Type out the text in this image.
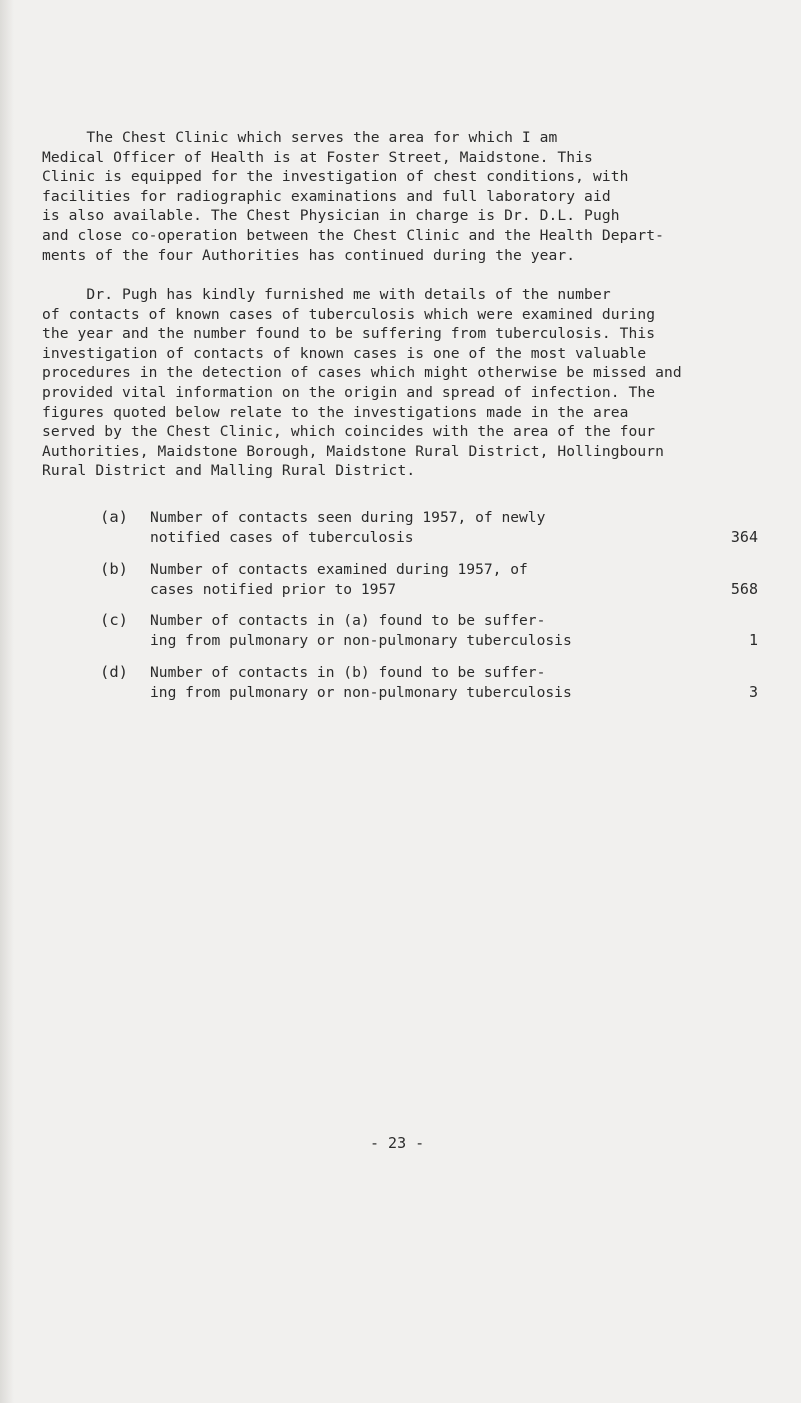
The Chest Clinic which serves the area for which I am
Medical Officer of Health is at Foster Street, Maidstone. This
Clinic is equipped for the investigation of chest conditions, with
facilities for radiographic examinations and full laboratory aid
is also available. The Chest Physician in charge is Dr. D.L. Pugh
and close co-operation between the Chest Clinic and the Health Depart-
ments of the four Authorities has continued during the year.
Dr. Pugh has kindly furnished me with details of the number
of contacts of known cases of tuberculosis which were examined during
the year and the number found to be suffering from tuberculosis. This
investigation of contacts of known cases is one of the most valuable
procedures in the detection of cases which might otherwise be missed and
provided vital information on the origin and spread of infection. The
figures quoted below relate to the investigations made in the area
served by the Chest Clinic, which coincides with the area of the four
Authorities, Maidstone Borough, Maidstone Rural District, Hollingbourn
Rural District and Malling Rural District.
(a) Number of contacts seen during 1957, of newly
notified cases of tuberculosis	364
(b) Number of contacts examined during 1957, of
cases notified prior to 1957	568
(c) Number of contacts in (a) found to be suffer-
ing from pulmonary or non-pulmonary tuberculosis	1
(d) Number of contacts in (b) found to be suffer-
ing from pulmonary or non-pulmonary tuberculosis	3
- 23 -
